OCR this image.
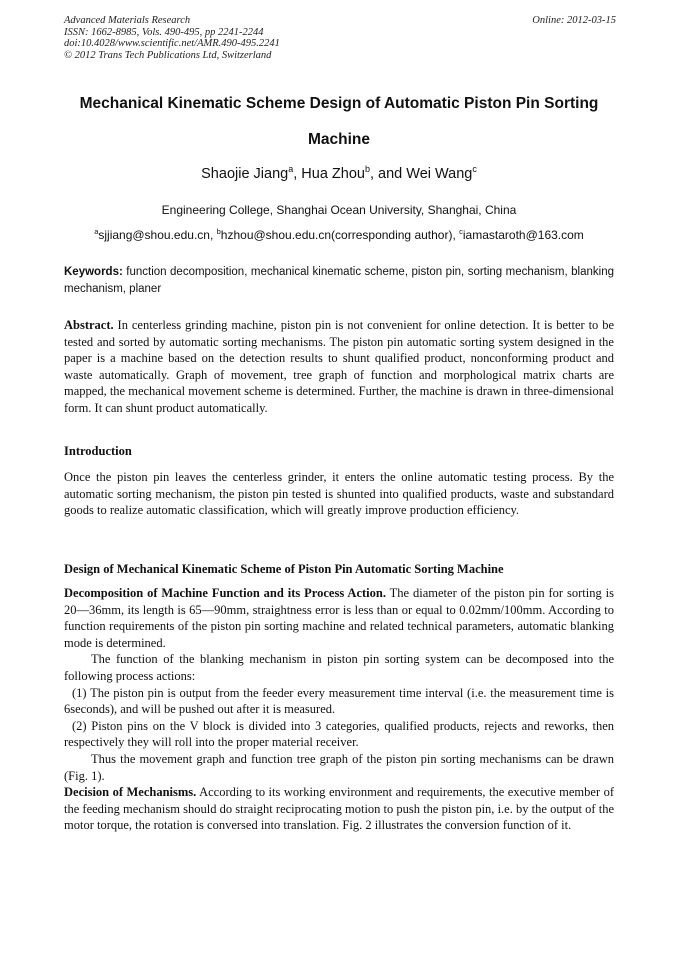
Advanced Materials Research
ISSN: 1662-8985, Vols. 490-495, pp 2241-2244
doi:10.4028/www.scientific.net/AMR.490-495.2241
© 2012 Trans Tech Publications Ltd, Switzerland
Online: 2012-03-15
Mechanical Kinematic Scheme Design of Automatic Piston Pin Sorting
Machine
Shaojie Jiang$^a$, Hua Zhou$^b$, and Wei Wang$^c$
Engineering College, Shanghai Ocean University, Shanghai, China
$^a$sjjiang@shou.edu.cn, $^b$hzhou@shou.edu.cn(corresponding author), $^c$iamastaroth@163.com
Keywords: function decomposition, mechanical kinematic scheme, piston pin, sorting mechanism, blanking mechanism, planer

Abstract. In centerless grinding machine, piston pin is not convenient for online detection. It is better to be tested and sorted by automatic sorting mechanisms. The piston pin automatic sorting system designed in the paper is a machine based on the detection results to shunt qualified product, nonconforming product and waste automatically. Graph of movement, tree graph of function and morphological matrix charts are mapped, the mechanical movement scheme is determined. Further, the machine is drawn in three-dimensional form. It can shunt product automatically.

Introduction

Once the piston pin leaves the centerless grinder, it enters the online automatic testing process. By the automatic sorting mechanism, the piston pin tested is shunted into qualified products, waste and substandard goods to realize automatic classification, which will greatly improve production efficiency.

Design of Mechanical Kinematic Scheme of Piston Pin Automatic Sorting Machine

Decomposition of Machine Function and its Process Action. The diameter of the piston pin for sorting is 20—36mm, its length is 65—90mm, straightness error is less than or equal to 0.02mm/100mm. According to function requirements of the piston pin sorting machine and related technical parameters, automatic blanking mode is determined.

The function of the blanking mechanism in piston pin sorting system can be decomposed into the following process actions:

(1) The piston pin is output from the feeder every measurement time interval (i.e. the measurement time is 6seconds), and will be pushed out after it is measured.

(2) Piston pins on the V block is divided into 3 categories, qualified products, rejects and reworks, then respectively they will roll into the proper material receiver.

Thus the movement graph and function tree graph of the piston pin sorting mechanisms can be drawn (Fig. 1).

Decision of Mechanisms. According to its working environment and requirements, the executive member of the feeding mechanism should do straight reciprocating motion to push the piston pin, i.e. by the output of the motor torque, the rotation is conversed into translation. Fig. 2 illustrates the conversion function of it.
